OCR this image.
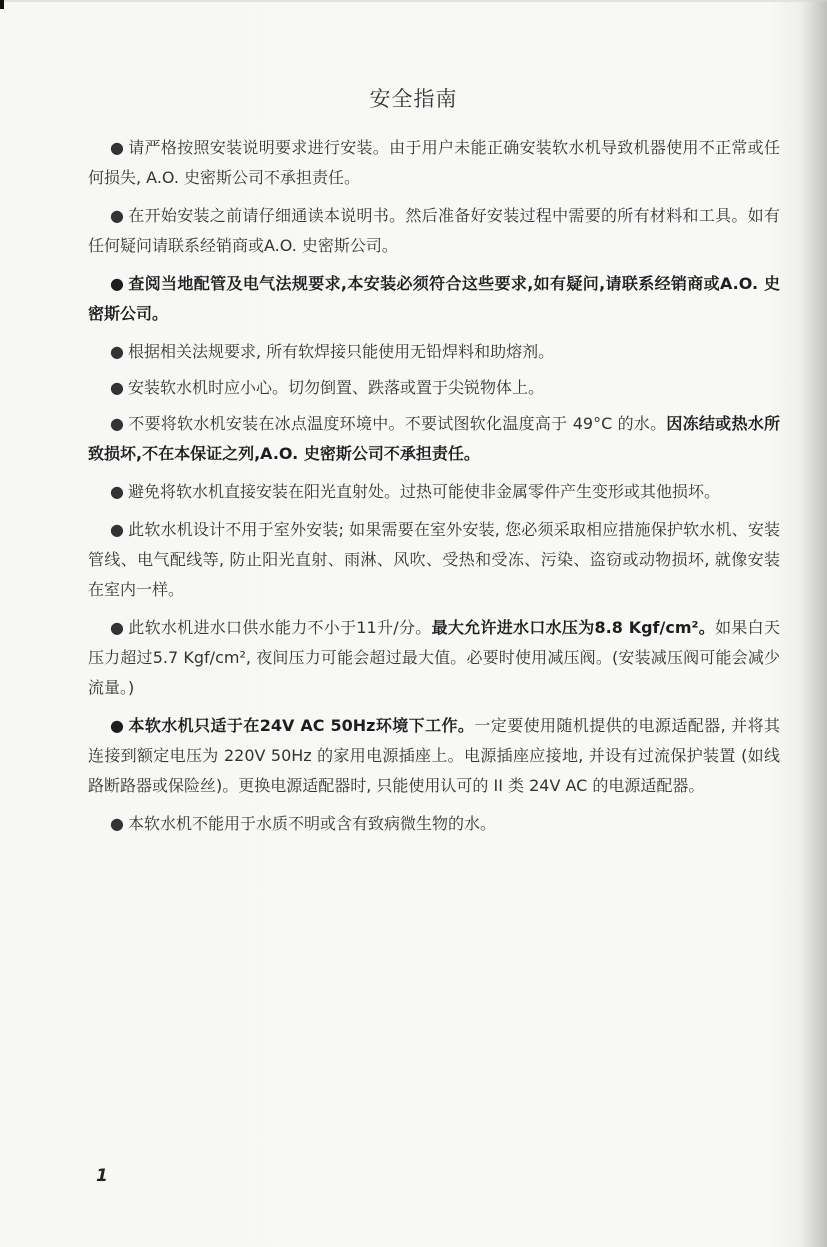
安全指南

● 请严格按照安装说明要求进行安装。由于用户未能正确安装软水机导致机器使用不正常或任何损失, A.O. 史密斯公司不承担责任。

● 在开始安装之前请仔细通读本说明书。然后准备好安装过程中需要的所有材料和工具。如有任何疑问请联系经销商或A.O. 史密斯公司。

● 查阅当地配管及电气法规要求,本安装必须符合这些要求,如有疑问,请联系经销商或A.O. 史密斯公司。

● 根据相关法规要求, 所有软焊接只能使用无铅焊料和助熔剂。

● 安装软水机时应小心。切勿倒置、跌落或置于尖锐物体上。

● 不要将软水机安装在冰点温度环境中。不要试图软化温度高于 49°C 的水。因冻结或热水所致损坏,不在本保证之列,A.O. 史密斯公司不承担责任。

● 避免将软水机直接安装在阳光直射处。过热可能使非金属零件产生变形或其他损坏。

● 此软水机设计不用于室外安装; 如果需要在室外安装, 您必须采取相应措施保护软水机、安装管线、电气配线等, 防止阳光直射、雨淋、风吹、受热和受冻、污染、盗窃或动物损坏, 就像安装在室内一样。

● 此软水机进水口供水能力不小于11升/分。最大允许进水口水压为8.8 Kgf/cm²。如果白天压力超过5.7 Kgf/cm², 夜间压力可能会超过最大值。必要时使用减压阀。(安装减压阀可能会减少流量。)

● 本软水机只适于在24V AC 50Hz环境下工作。一定要使用随机提供的电源适配器, 并将其连接到额定电压为 220V 50Hz 的家用电源插座上。电源插座应接地, 并设有过流保护装置 (如线路断路器或保险丝)。更换电源适配器时, 只能使用认可的 II 类 24V AC 的电源适配器。

● 本软水机不能用于水质不明或含有致病微生物的水。

1
